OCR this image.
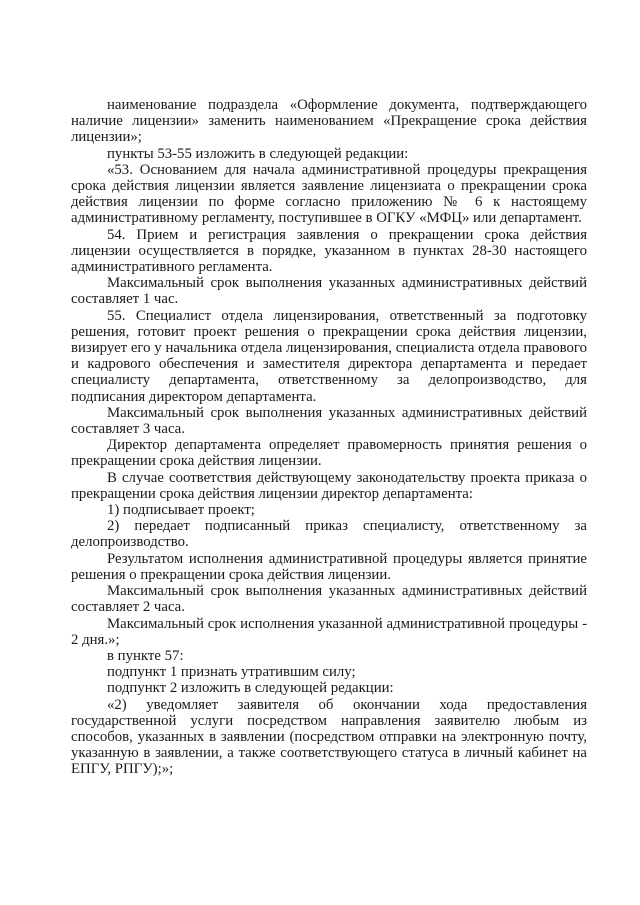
наименование подраздела «Оформление документа, подтверждающего наличие лицензии» заменить наименованием «Прекращение срока действия лицензии»;

пункты 53-55 изложить в следующей редакции:

«53. Основанием для начала административной процедуры прекращения срока действия лицензии является заявление лицензиата о прекращении срока действия лицензии по форме согласно приложению № 6 к настоящему административному регламенту, поступившее в ОГКУ «МФЦ» или департамент.

54. Прием и регистрация заявления о прекращении срока действия лицензии осуществляется в порядке, указанном в пунктах 28-30 настоящего административного регламента.

Максимальный срок выполнения указанных административных действий составляет 1 час.

55. Специалист отдела лицензирования, ответственный за подготовку решения, готовит проект решения о прекращении срока действия лицензии, визирует его у начальника отдела лицензирования, специалиста отдела правового и кадрового обеспечения и заместителя директора департамента и передает специалисту департамента, ответственному за делопроизводство, для подписания директором департамента.

Максимальный срок выполнения указанных административных действий составляет 3 часа.

Директор департамента определяет правомерность принятия решения о прекращении срока действия лицензии.

В случае соответствия действующему законодательству проекта приказа о прекращении срока действия лицензии директор департамента:

1) подписывает проект;

2) передает подписанный приказ специалисту, ответственному за делопроизводство.

Результатом исполнения административной процедуры является принятие решения о прекращении срока действия лицензии.

Максимальный срок выполнения указанных административных действий составляет 2 часа.

Максимальный срок исполнения указанной административной процедуры - 2 дня.»;

в пункте 57:

подпункт 1 признать утратившим силу;

подпункт 2 изложить в следующей редакции:

«2) уведомляет заявителя об окончании хода предоставления государственной услуги посредством направления заявителю любым из способов, указанных в заявлении (посредством отправки на электронную почту, указанную в заявлении, а также соответствующего статуса в личный кабинет на ЕПГУ, РПГУ);»;
